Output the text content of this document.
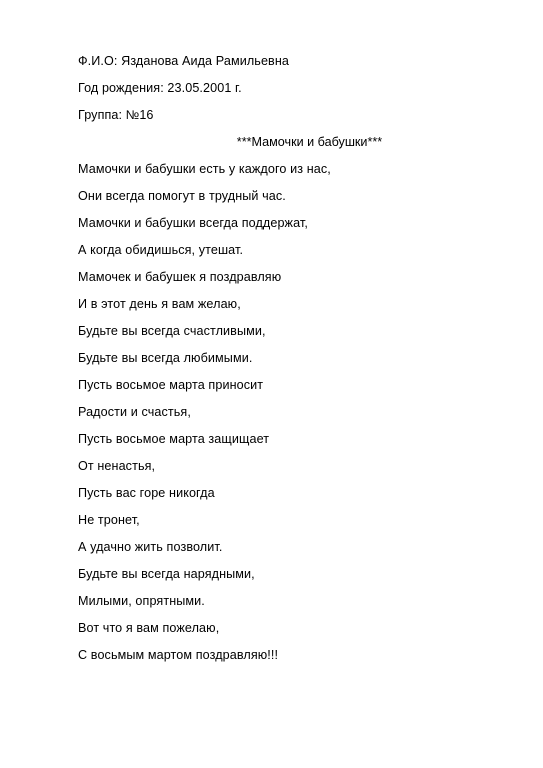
Ф.И.О: Язданова Аида Рамильевна
Год рождения: 23.05.2001 г.
Группа: №16
***Мамочки и бабушки***
Мамочки и бабушки есть у каждого из нас,
Они всегда помогут в трудный час.
Мамочки и бабушки всегда поддержат,
А когда обидишься, утешат.
Мамочек и бабушек я поздравляю
И в этот день я вам желаю,
Будьте вы всегда счастливыми,
Будьте вы всегда любимыми.
Пусть восьмое марта приносит
Радости и счастья,
Пусть восьмое марта защищает
От ненастья,
Пусть вас горе никогда
Не тронет,
А удачно жить позволит.
Будьте вы всегда нарядными,
Милыми, опрятными.
Вот что я вам пожелаю,
С восьмым мартом поздравляю!!!
